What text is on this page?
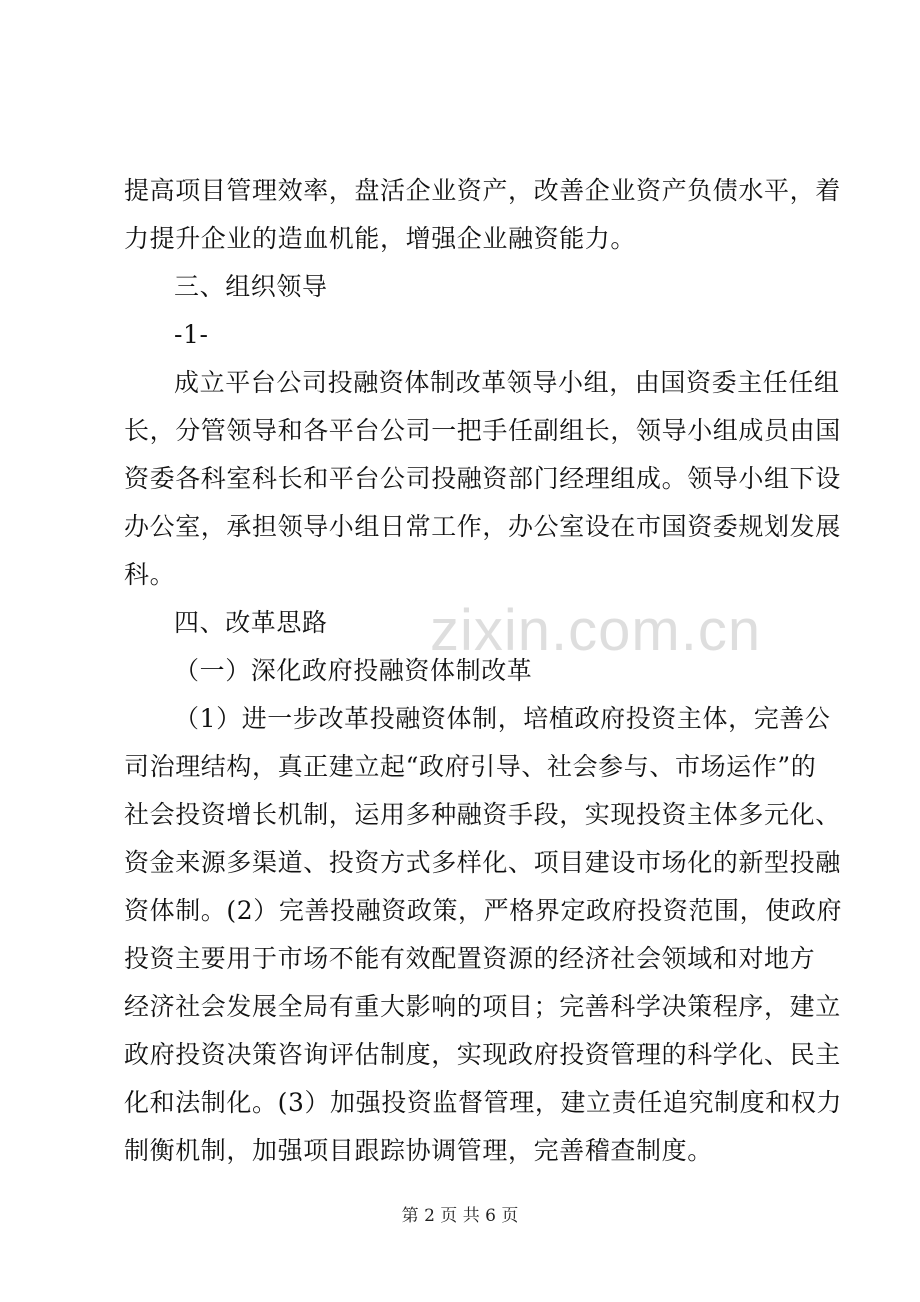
zixin.com.cn
提高项目管理效率，盘活企业资产，改善企业资产负债水平，着
力提升企业的造血机能，增强企业融资能力。
三、组织领导
-1-
成立平台公司投融资体制改革领导小组，由国资委主任任组
长，分管领导和各平台公司一把手任副组长，领导小组成员由国
资委各科室科长和平台公司投融资部门经理组成。领导小组下设
办公室，承担领导小组日常工作，办公室设在市国资委规划发展
科。
四、改革思路
（一）深化政府投融资体制改革
（1）进一步改革投融资体制，培植政府投资主体，完善公
司治理结构，真正建立起“政府引导、社会参与、市场运作”的
社会投资增长机制，运用多种融资手段，实现投资主体多元化、
资金来源多渠道、投资方式多样化、项目建设市场化的新型投融
资体制。(2）完善投融资政策，严格界定政府投资范围，使政府
投资主要用于市场不能有效配置资源的经济社会领域和对地方
经济社会发展全局有重大影响的项目；完善科学决策程序，建立
政府投资决策咨询评估制度，实现政府投资管理的科学化、民主
化和法制化。(3）加强投资监督管理，建立责任追究制度和权力
制衡机制，加强项目跟踪协调管理，完善稽查制度。
第 2 页 共 6 页
